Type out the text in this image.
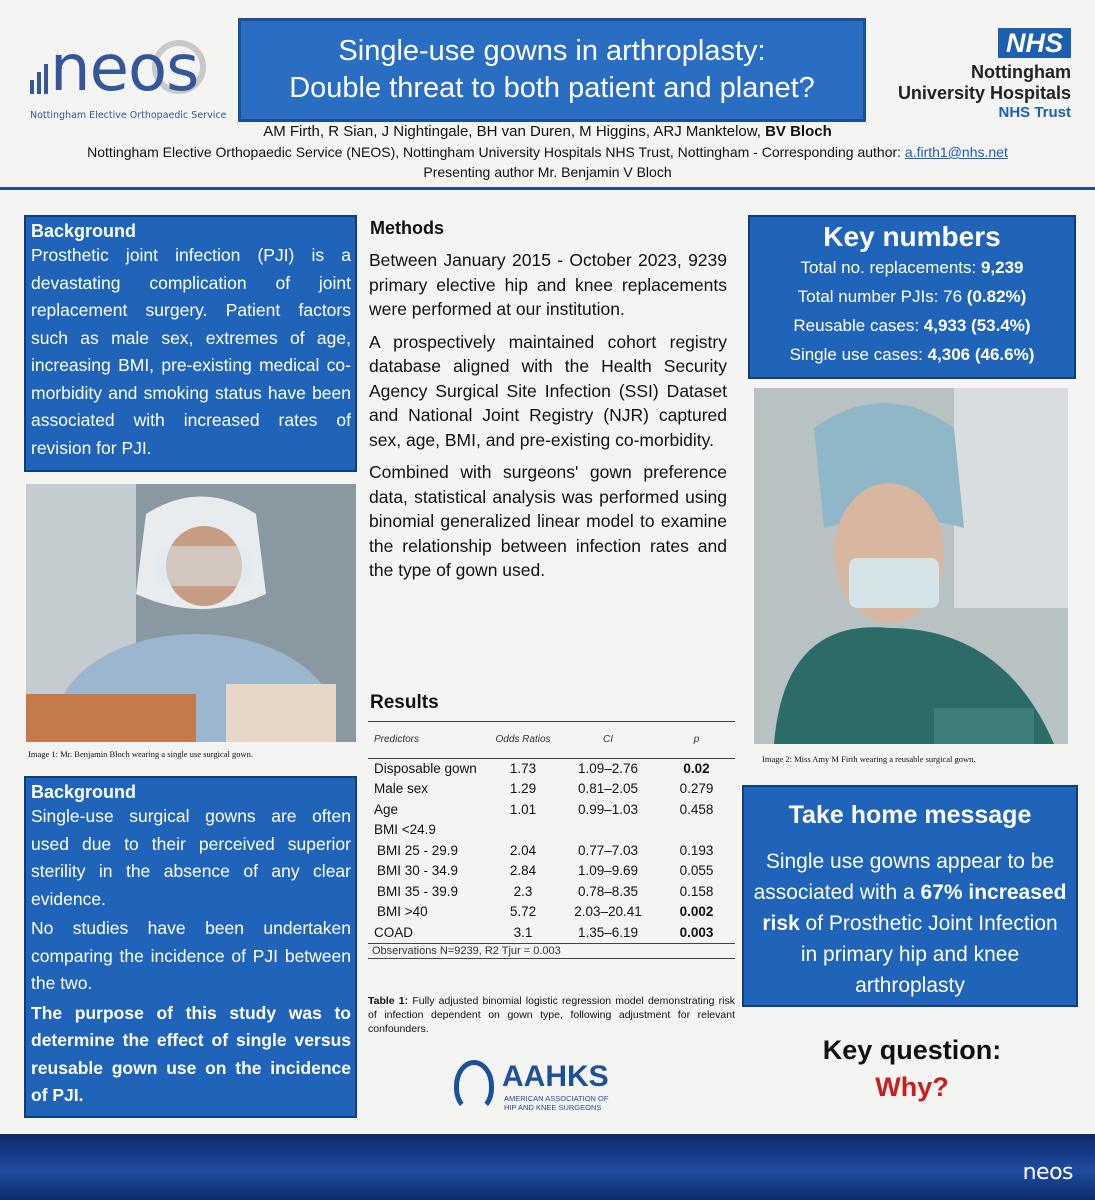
neos
Nottingham Elective Orthopaedic Service
Single-use gowns in arthroplasty:
Double threat to both patient and planet?
NHS
Nottingham
University Hospitals
NHS Trust
AM Firth, R Sian, J Nightingale, BH van Duren, M Higgins, ARJ Manktelow, BV Bloch
Nottingham Elective Orthopaedic Service (NEOS), Nottingham University Hospitals NHS Trust, Nottingham - Corresponding author: a.firth1@nhs.net
Presenting author Mr. Benjamin V Bloch
Background
Prosthetic joint infection (PJI) is a devastating complication of joint replacement surgery. Patient factors such as male sex, extremes of age, increasing BMI, pre-existing medical co-morbidity and smoking status have been associated with increased rates of revision for PJI.
Image 1: Mr. Benjamin Bloch wearing a single use surgical gown.
Background

Single-use surgical gowns are often used due to their perceived superior sterility in the absence of any clear evidence.

No studies have been undertaken comparing the incidence of PJI between the two.

The purpose of this study was to determine the effect of single versus reusable gown use on the incidence of PJI.

Methods

Between January 2015 - October 2023, 9239 primary elective hip and knee replacements were performed at our institution.

A prospectively maintained cohort registry database aligned with the Health Security Agency Surgical Site Infection (SSI) Dataset and National Joint Registry (NJR) captured sex, age, BMI, and pre-existing co-morbidity.

Combined with surgeons' gown preference data, statistical analysis was performed using binomial generalized linear model to examine the relationship between infection rates and the type of gown used.

Results
Predictors	Odds Ratios	CI	p
Disposable gown	1.73	1.09–2.76	0.02
Male sex	1.29	0.81–2.05	0.279
Age	1.01	0.99–1.03	0.458
BMI <24.9			
BMI 25 - 29.9	2.04	0.77–7.03	0.193
BMI 30 - 34.9	2.84	1.09–9.69	0.055
BMI 35 - 39.9	2.3	0.78–8.35	0.158
BMI >40	5.72	2.03–20.41	0.002
COAD	3.1	1.35–6.19	0.003
Observations N=9239, R2 Tjur = 0.003
Table 1: Fully adjusted binomial logistic regression model demonstrating risk of infection dependent on gown type, following adjustment for relevant confounders.
AAHKS
AMERICAN ASSOCIATION OF
HIP AND KNEE SURGEONS
Key numbers
Total no. replacements: 9,239
Total number PJIs: 76 (0.82%)
Reusable cases: 4,933 (53.4%)
Single use cases: 4,306 (46.6%)
Image 2: Miss Amy M Firth wearing a reusable surgical gown.
Take home message
Single use gowns appear to be associated with a 67% increased risk of Prosthetic Joint Infection in primary hip and knee arthroplasty
Key question:
Why?
neos
